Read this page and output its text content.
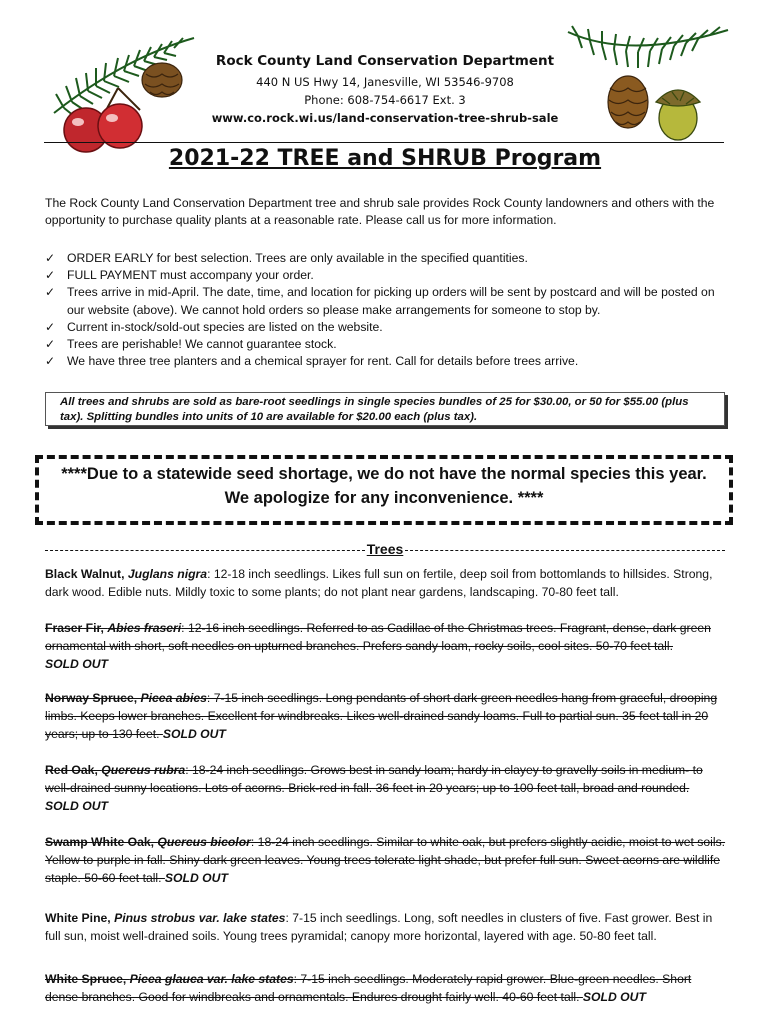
Rock County Land Conservation Department
440 N US Hwy 14, Janesville, WI 53546-9708
Phone: 608-754-6617 Ext. 3
www.co.rock.wi.us/land-conservation-tree-shrub-sale
2021-22 TREE and SHRUB Program
The Rock County Land Conservation Department tree and shrub sale provides Rock County landowners and others with the opportunity to purchase quality plants at a reasonable rate. Please call us for more information.
✓ ORDER EARLY for best selection. Trees are only available in the specified quantities.
✓ FULL PAYMENT must accompany your order.
✓ Trees arrive in mid-April. The date, time, and location for picking up orders will be sent by postcard and will be posted on our website (above). We cannot hold orders so please make arrangements for someone to stop by.
✓ Current in-stock/sold-out species are listed on the website.
✓ Trees are perishable! We cannot guarantee stock.
✓ We have three tree planters and a chemical sprayer for rent. Call for details before trees arrive.
All trees and shrubs are sold as bare-root seedlings in single species bundles of 25 for $30.00, or 50 for $55.00 (plus tax). Splitting bundles into units of 10 are available for $20.00 each (plus tax).
****Due to a statewide seed shortage, we do not have the normal species this year.
We apologize for any inconvenience. ****
Trees
Black Walnut, Juglans nigra: 12-18 inch seedlings. Likes full sun on fertile, deep soil from bottomlands to hillsides. Strong, dark wood. Edible nuts. Mildly toxic to some plants; do not plant near gardens, landscaping. 70-80 feet tall.
Fraser Fir, Abies fraseri: 12-16 inch seedlings. Referred to as Cadillac of the Christmas trees. Fragrant, dense, dark green ornamental with short, soft needles on upturned branches. Prefers sandy loam, rocky soils, cool sites. 50-70 feet tall.
SOLD OUT
Norway Spruce, Picea abies: 7-15 inch seedlings. Long pendants of short dark green needles hang from graceful, drooping limbs. Keeps lower branches. Excellent for windbreaks. Likes well-drained sandy loams. Full to partial sun. 35 feet tall in 20 years; up to 130 feet. SOLD OUT
Red Oak, Quercus rubra: 18-24 inch seedlings. Grows best in sandy loam; hardy in clayey to gravelly soils in medium- to well-drained sunny locations. Lots of acorns. Brick-red in fall. 36 feet in 20 years; up to 100 feet tall, broad and rounded.
SOLD OUT
Swamp White Oak, Quercus bicolor: 18-24 inch seedlings. Similar to white oak, but prefers slightly acidic, moist to wet soils. Yellow to purple in fall. Shiny dark green leaves. Young trees tolerate light shade, but prefer full sun. Sweet acorns are wildlife staple. 50-60 feet tall. SOLD OUT
White Pine, Pinus strobus var. lake states: 7-15 inch seedlings. Long, soft needles in clusters of five. Fast grower. Best in full sun, moist well-drained soils. Young trees pyramidal; canopy more horizontal, layered with age. 50-80 feet tall.
White Spruce, Picea glauca var. lake states: 7-15 inch seedlings. Moderately rapid grower. Blue-green needles. Short dense branches. Good for windbreaks and ornamentals. Endures drought fairly well. 40-60 feet tall. SOLD OUT
